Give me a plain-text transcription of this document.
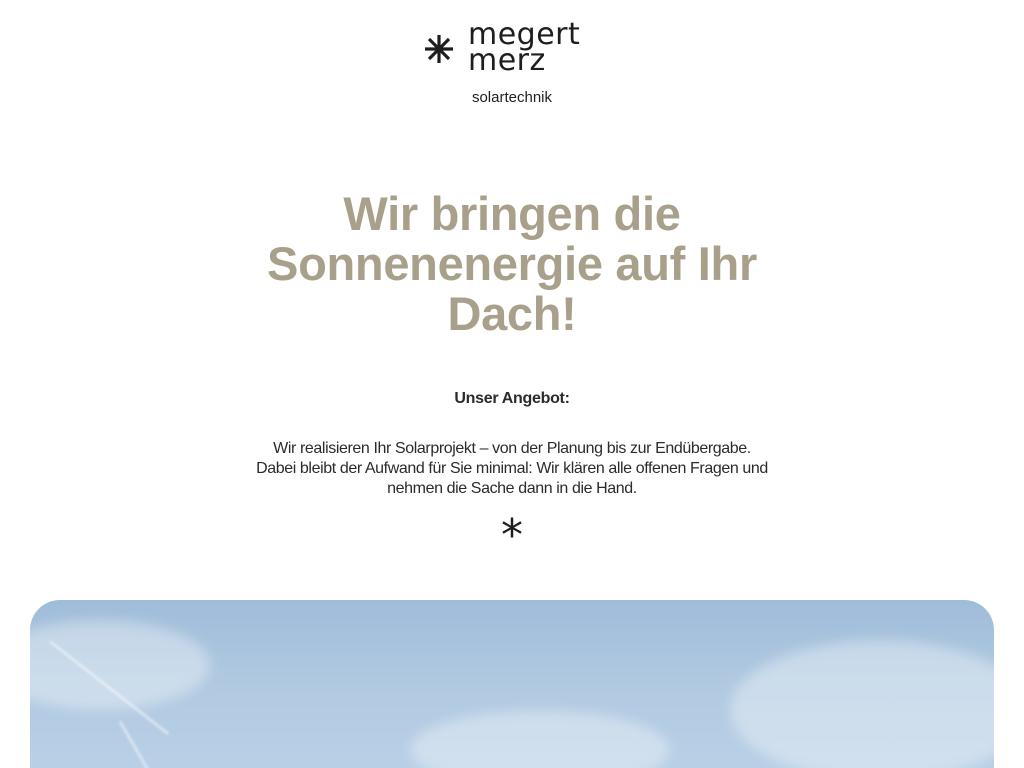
megert
merz
solartechnik
Wir bringen die Sonnenenergie auf Ihr Dach!
Unser Angebot:

Wir realisieren Ihr Solarprojekt – von der Planung bis zur Endübergabe.
Dabei bleibt der Aufwand für Sie minimal: Wir klären alle offenen Fragen und
nehmen die Sache dann in die Hand.

*
